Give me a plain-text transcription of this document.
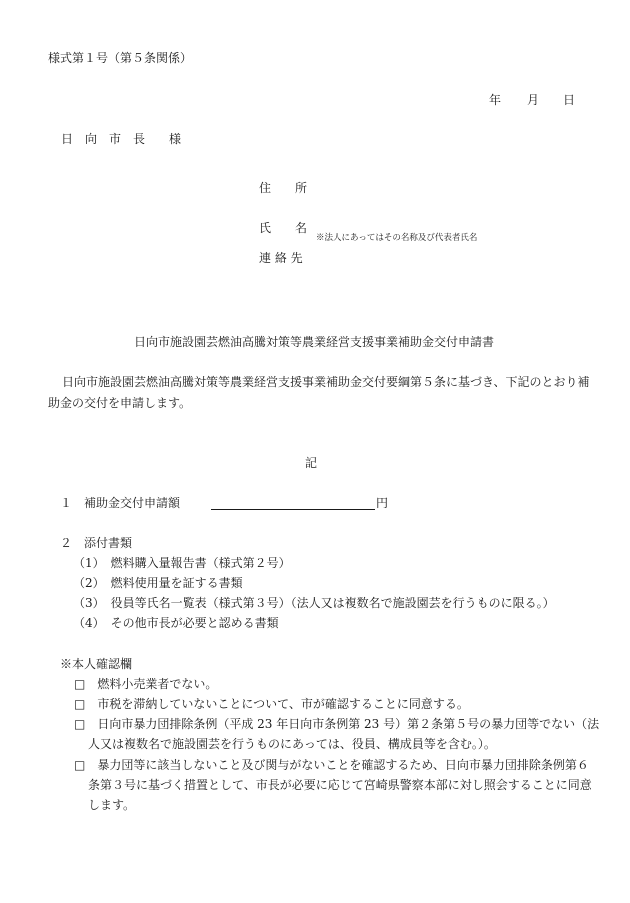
様式第１号（第５条関係）
年 月 日
日　向　市　長　　様
住　　所
氏　　名
※法人にあってはその名称及び代表者氏名
連 絡 先
日向市施設園芸燃油高騰対策等農業経営支援事業補助金交付申請書
日向市施設園芸燃油高騰対策等農業経営支援事業補助金交付要綱第５条に基づき、下記のとおり補
助金の交付を申請します。
記
１　補助金交付申請額	円
２　添付書類
（1）　燃料購入量報告書（様式第２号）
（2）　燃料使用量を証する書類
（3）　役員等氏名一覧表（様式第３号）（法人又は複数名で施設園芸を行うものに限る。）
（4）　その他市長が必要と認める書類
※本人確認欄
□　燃料小売業者でない。
□　市税を滞納していないことについて、市が確認することに同意する。
□　日向市暴力団排除条例（平成 23 年日向市条例第 23 号）第２条第５号の暴力団等でない（法
人又は複数名で施設園芸を行うものにあっては、役員、構成員等を含む。）。
□　暴力団等に該当しないこと及び関与がないことを確認するため、日向市暴力団排除条例第６
条第３号に基づく措置として、市長が必要に応じて宮崎県警察本部に対し照会することに同意
します。
